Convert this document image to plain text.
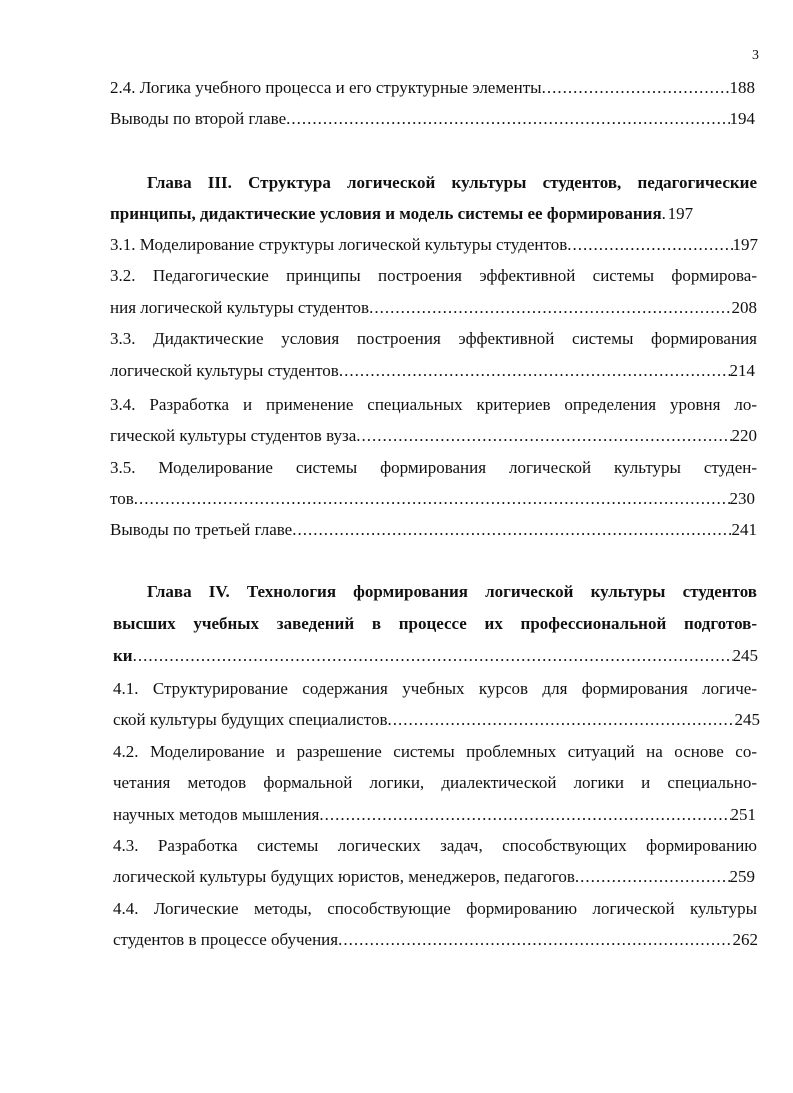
3
2.4. Логика учебного процесса и его структурные элементы .....	188
Выводы по второй главе .....	194
Глава III. Структура логической культуры студентов, педагогические
принципы, дидактические условия и модель системы ее формирования ..... 197
3.1. Моделирование структуры логической культуры студентов .....	197
3.2. Педагогические принципы построения эффективной системы формирова-
ния логической культуры студентов .....	208
3.3. Дидактические условия построения эффективной системы формирования
логической культуры студентов .....	214
3.4. Разработка и применение специальных критериев определения уровня ло-
гической культуры студентов вуза .....	220
3.5. Моделирование системы формирования логической культуры студен-
тов .....	230
Выводы по третьей главе .....	241
Глава IV. Технология формирования логической культуры студентов
высших учебных заведений в процессе их профессиональной подготов-
ки .....	245
4.1. Структурирование содержания учебных курсов для формирования логиче-
ской культуры будущих специалистов .....	245
4.2. Моделирование и разрешение системы проблемных ситуаций на основе со-
четания методов формальной логики, диалектической логики и специально-
научных методов мышления .....	251
4.3. Разработка системы логических задач, способствующих формированию
логической культуры будущих юристов, менеджеров, педагогов .....	259
4.4. Логические методы, способствующие формированию логической культуры
студентов в процессе обучения .....	262
